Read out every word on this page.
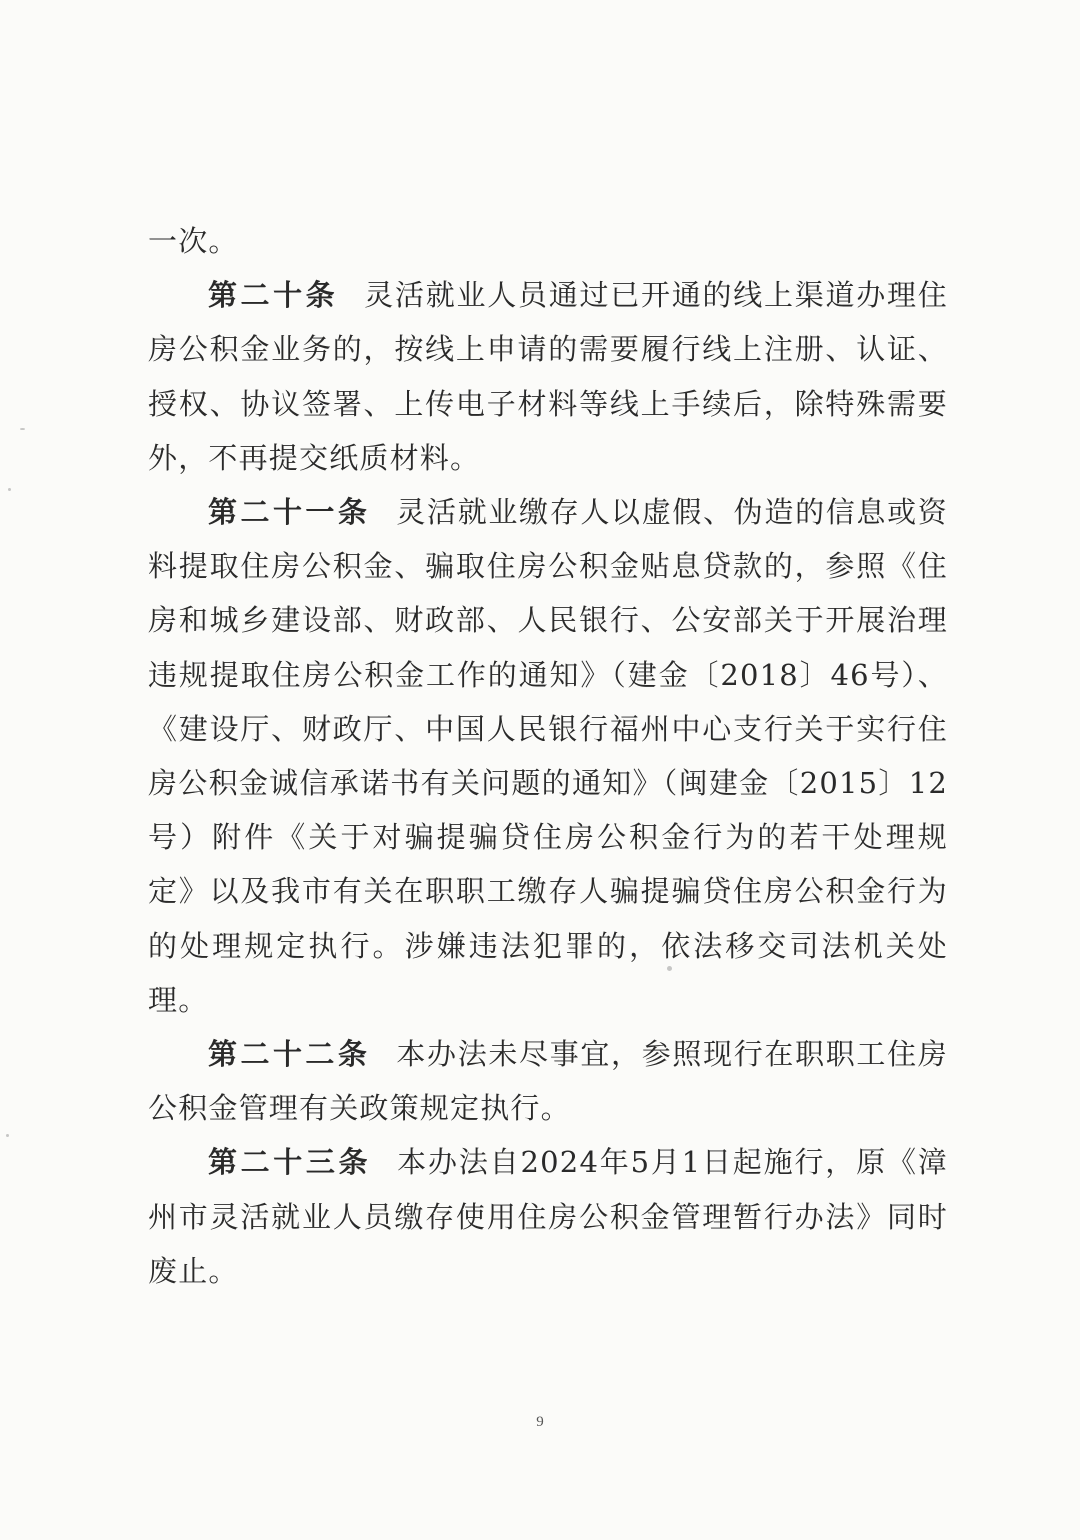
一次。

第二十条 灵活就业人员通过已开通的线上渠道办理住房公积金业务的，按线上申请的需要履行线上注册、认证、授权、协议签署、上传电子材料等线上手续后，除特殊需要外，不再提交纸质材料。

第二十一条 灵活就业缴存人以虚假、伪造的信息或资料提取住房公积金、骗取住房公积金贴息贷款的，参照《住房和城乡建设部、财政部、人民银行、公安部关于开展治理违规提取住房公积金工作的通知》（建金〔2018〕46号）、《建设厅、财政厅、中国人民银行福州中心支行关于实行住房公积金诚信承诺书有关问题的通知》（闽建金〔2015〕12号）附件《关于对骗提骗贷住房公积金行为的若干处理规定》以及我市有关在职职工缴存人骗提骗贷住房公积金行为的处理规定执行。涉嫌违法犯罪的，依法移交司法机关处理。

第二十二条 本办法未尽事宜，参照现行在职职工住房公积金管理有关政策规定执行。

第二十三条 本办法自2024年5月1日起施行，原《漳州市灵活就业人员缴存使用住房公积金管理暂行办法》同时废止。

9
